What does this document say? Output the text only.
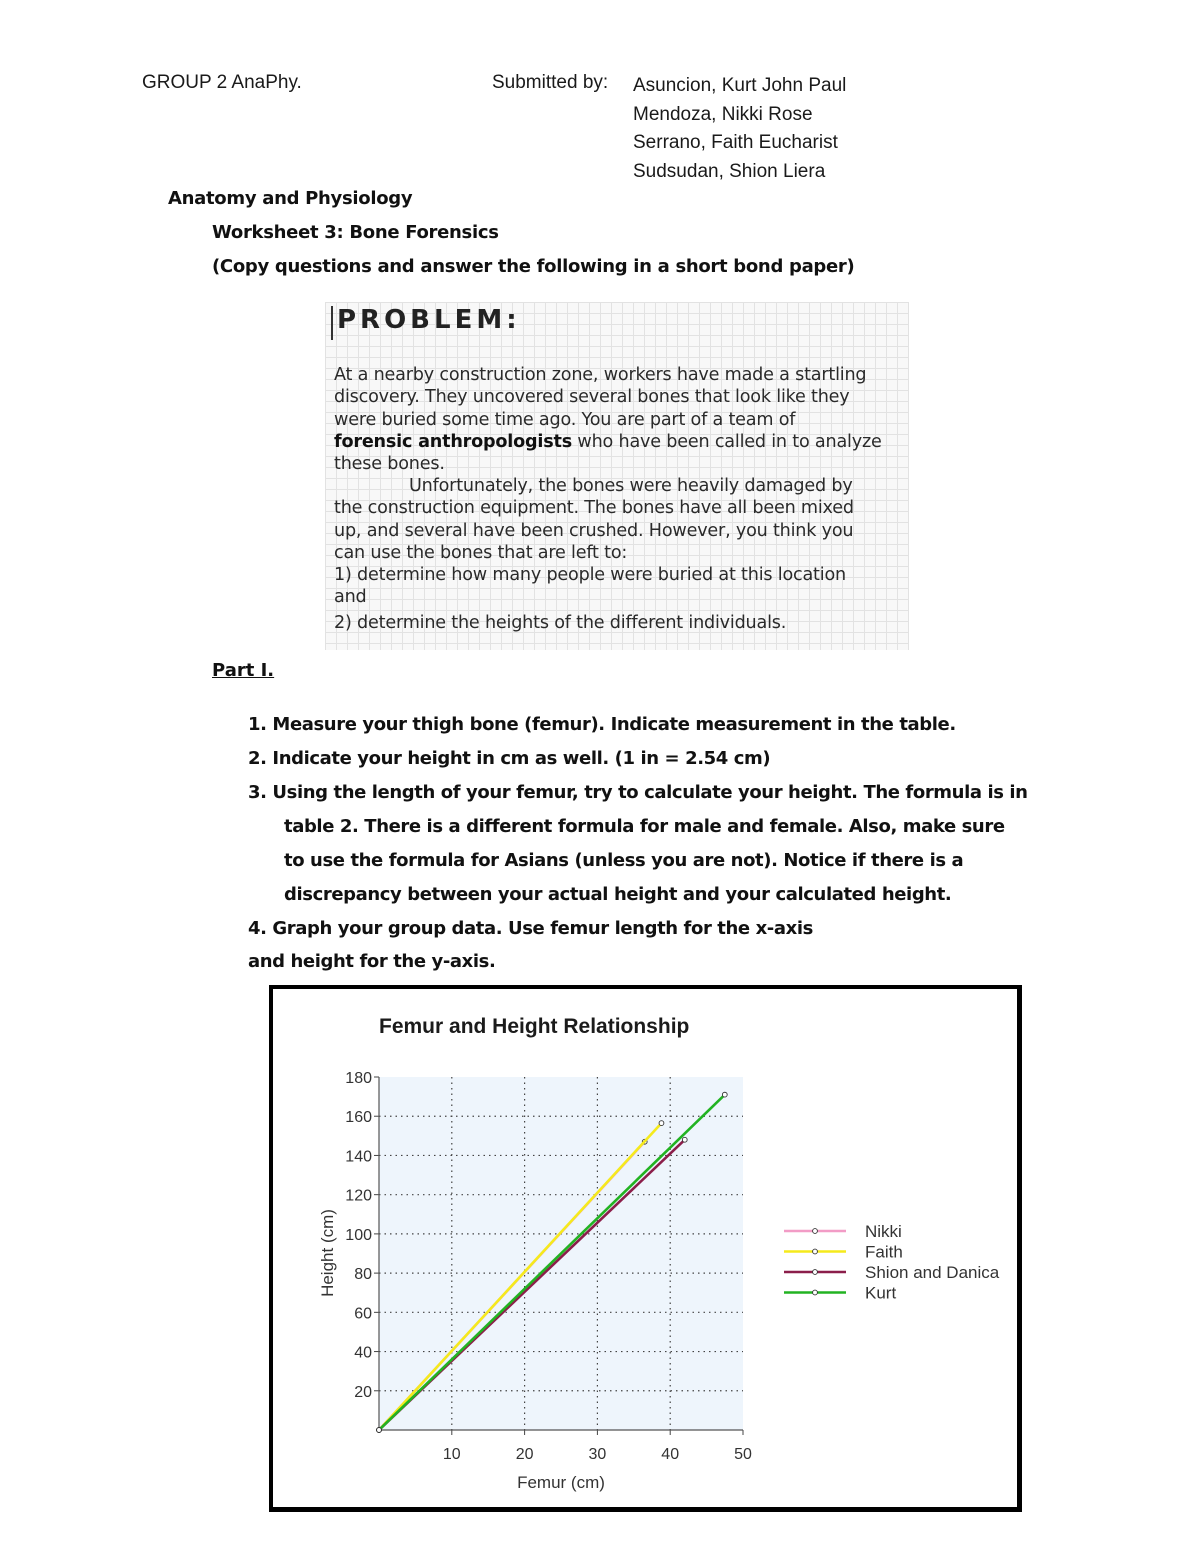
GROUP 2 AnaPhy.	Submitted by: Asuncion, Kurt John Paul
Mendoza, Nikki Rose
Serrano, Faith Eucharist
Sudsudan, Shion Liera
Anatomy and Physiology
Worksheet 3: Bone Forensics
(Copy questions and answer the following in a short bond paper)
PROBLEM:
At a nearby construction zone, workers have made a startling
discovery. They uncovered several bones that look like they
were buried some time ago. You are part of a team of
forensic anthropologists who have been called in to analyze
these bones.
Unfortunately, the bones were heavily damaged by
the construction equipment. The bones have all been mixed
up, and several have been crushed. However, you think you
can use the bones that are left to:
1) determine how many people were buried at this location
and
2) determine the heights of the different individuals.
Part I.
1. Measure your thigh bone (femur). Indicate measurement in the table.
2. Indicate your height in cm as well. (1 in = 2.54 cm)
3. Using the length of your femur, try to calculate your height. The formula is in
table 2. There is a different formula for male and female. Also, make sure
to use the formula for Asians (unless you are not). Notice if there is a
discrepancy between your actual height and your calculated height.
4. Graph your group data. Use femur length for the x-axis
and height for the y-axis.
Femur and Height Relationship
10	20	30	40	50
20
40
60
80
100
120
140
160
180
Femur (cm)
Height (cm)	Nikki
Faith
Shion and Danica
Kurt
